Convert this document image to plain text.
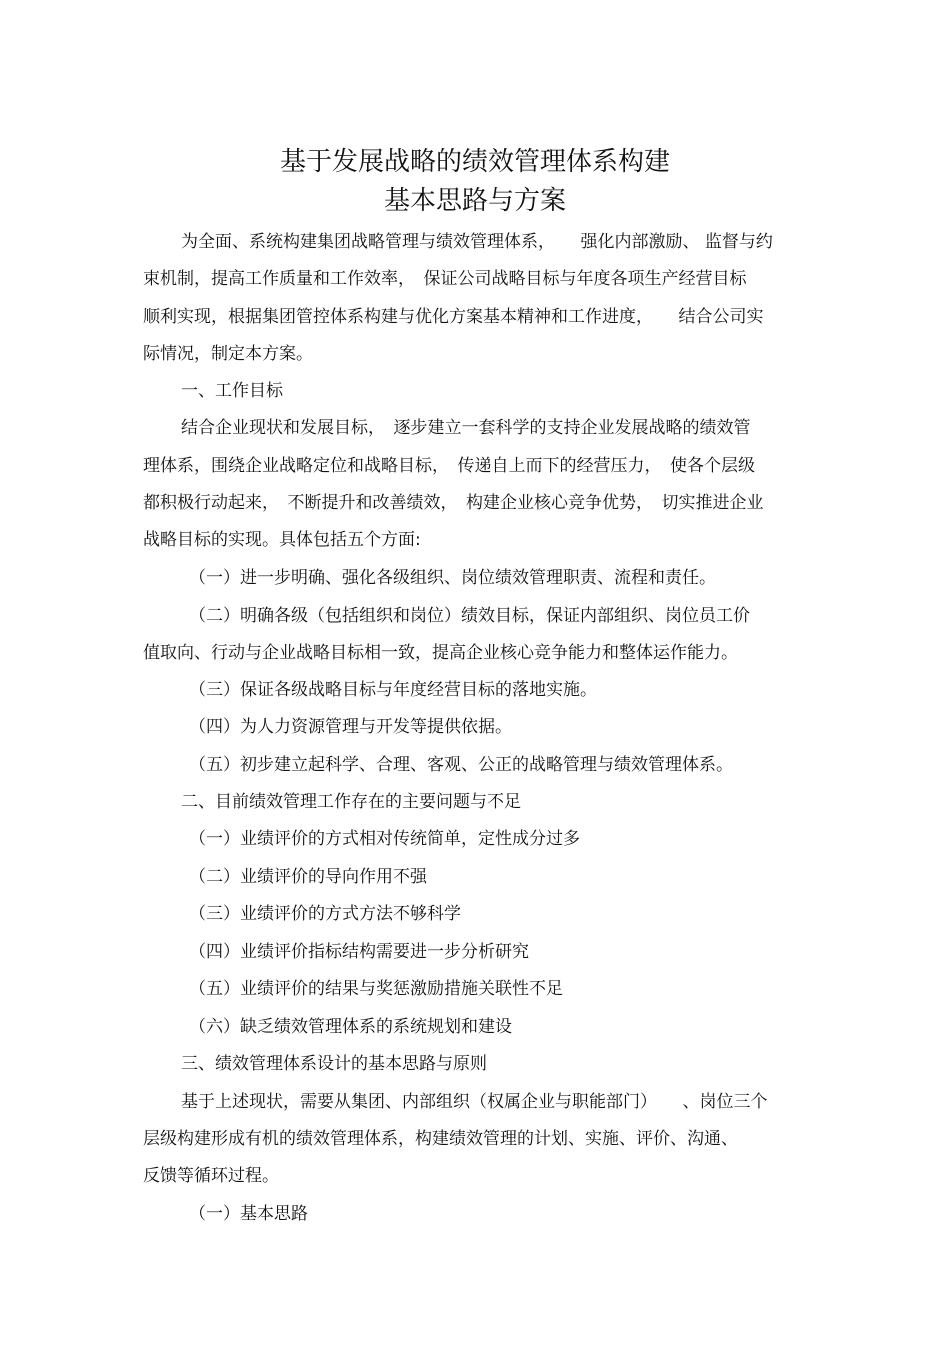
基于发展战略的绩效管理体系构建
基本思路与方案
为全面、系统构建集团战略管理与绩效管理体系，　　强化内部激励、 监督与约
束机制，提高工作质量和工作效率，　保证公司战略目标与年度各项生产经营目标
顺利实现，根据集团管控体系构建与优化方案基本精神和工作进度，　　结合公司实
际情况，制定本方案。
一、工作目标
结合企业现状和发展目标，　逐步建立一套科学的支持企业发展战略的绩效管
理体系，围绕企业战略定位和战略目标，　传递自上而下的经营压力，　使各个层级
都积极行动起来，　不断提升和改善绩效，　构建企业核心竞争优势，　切实推进企业
战略目标的实现。具体包括五个方面:
（一）进一步明确、强化各级组织、岗位绩效管理职责、流程和责任。
（二）明确各级（包括组织和岗位）绩效目标，保证内部组织、岗位员工价
值取向、行动与企业战略目标相一致，提高企业核心竞争能力和整体运作能力。
（三）保证各级战略目标与年度经营目标的落地实施。
（四）为人力资源管理与开发等提供依据。
（五）初步建立起科学、合理、客观、公正的战略管理与绩效管理体系。
二、目前绩效管理工作存在的主要问题与不足
（一）业绩评价的方式相对传统简单，定性成分过多
（二）业绩评价的导向作用不强
（三）业绩评价的方式方法不够科学
（四）业绩评价指标结构需要进一步分析研究
（五）业绩评价的结果与奖惩激励措施关联性不足
（六）缺乏绩效管理体系的系统规划和建设
三、绩效管理体系设计的基本思路与原则
基于上述现状，需要从集团、内部组织（权属企业与职能部门）　　、岗位三个
层级构建形成有机的绩效管理体系，构建绩效管理的计划、实施、评价、沟通、
反馈等循环过程。
（一）基本思路
